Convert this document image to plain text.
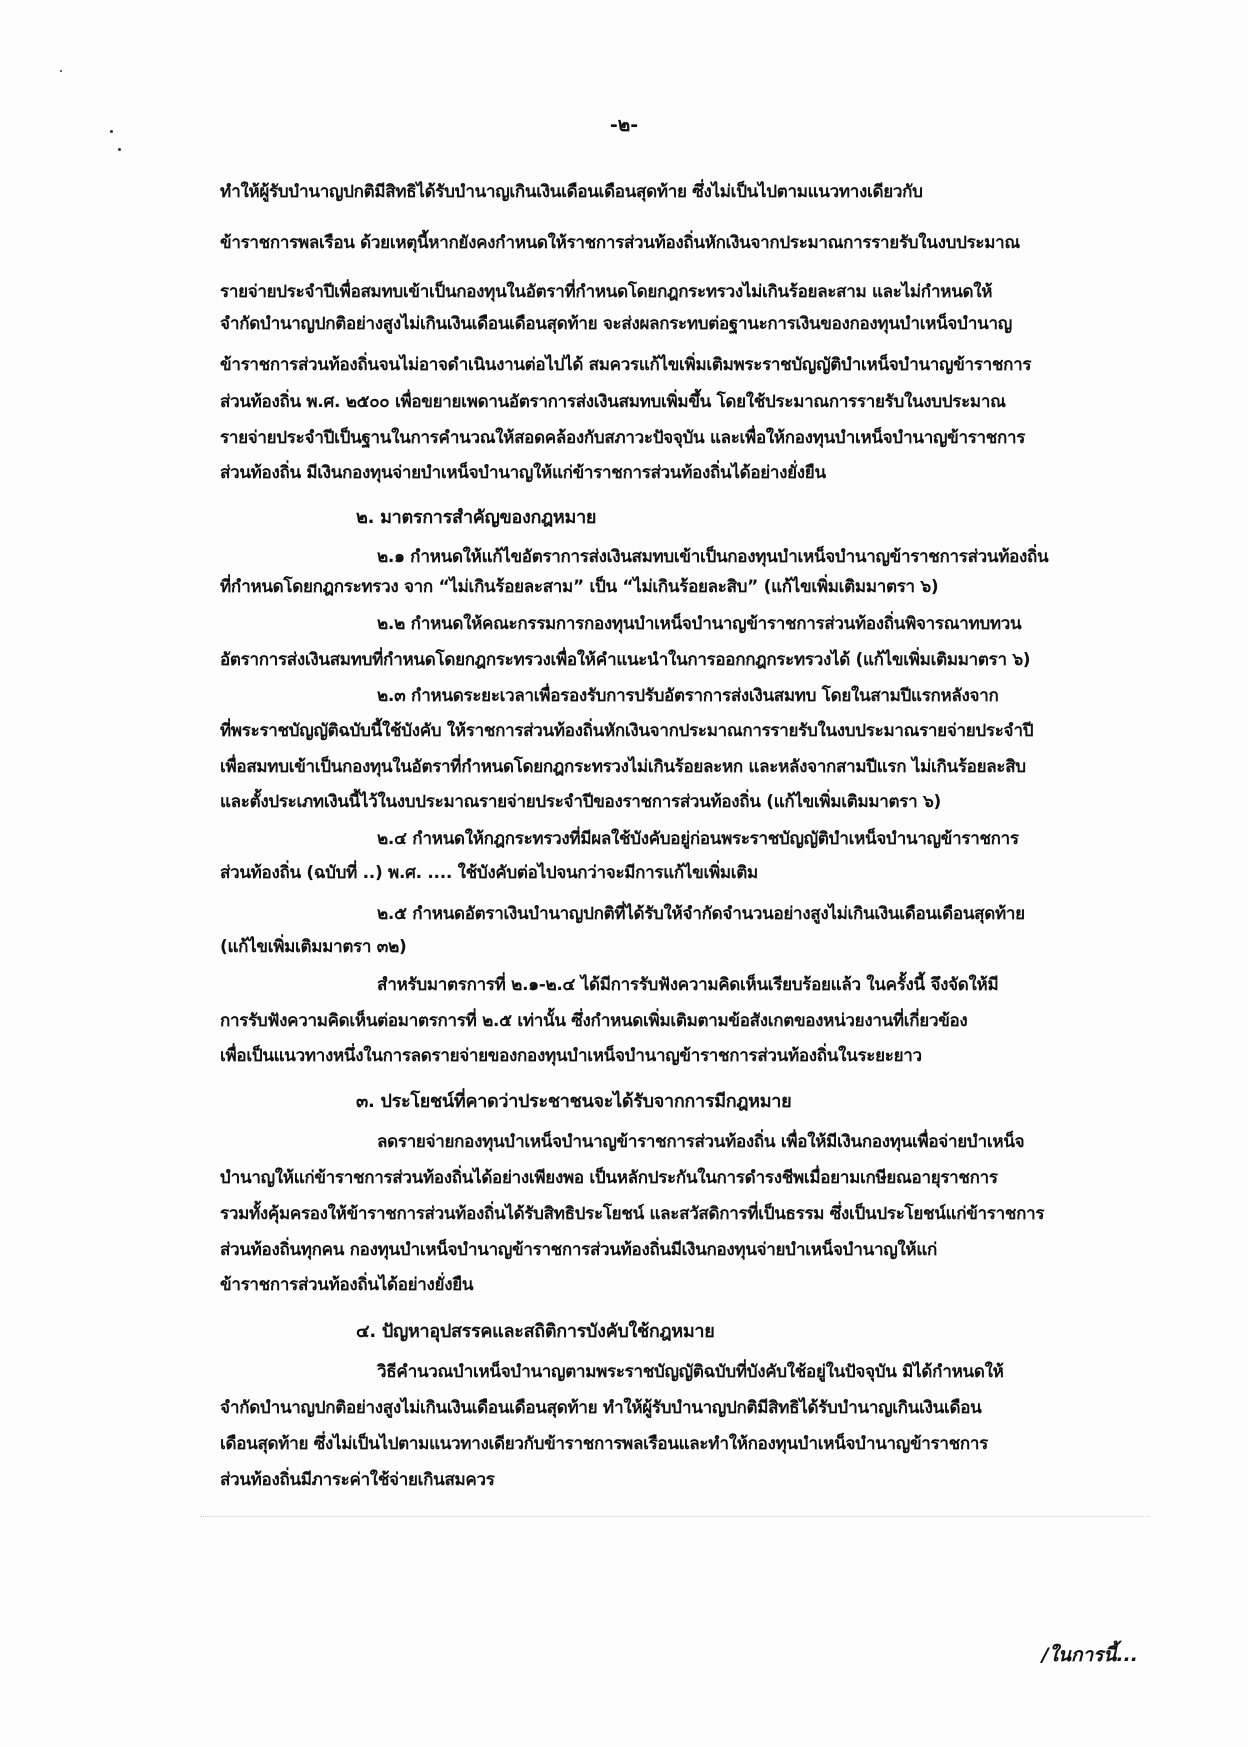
-๒-
ทำให้ผู้รับบำนาญปกติมีสิทธิได้รับบำนาญเกินเงินเดือนเดือนสุดท้าย ซึ่งไม่เป็นไปตามแนวทางเดียวกับ
ข้าราชการพลเรือน ด้วยเหตุนี้หากยังคงกำหนดให้ราชการส่วนท้องถิ่นหักเงินจากประมาณการรายรับในงบประมาณ
รายจ่ายประจำปีเพื่อสมทบเข้าเป็นกองทุนในอัตราที่กำหนดโดยกฎกระทรวงไม่เกินร้อยละสาม และไม่กำหนดให้
จำกัดบำนาญปกติอย่างสูงไม่เกินเงินเดือนเดือนสุดท้าย จะส่งผลกระทบต่อฐานะการเงินของกองทุนบำเหน็จบำนาญ
ข้าราชการส่วนท้องถิ่นจนไม่อาจดำเนินงานต่อไปได้ สมควรแก้ไขเพิ่มเติมพระราชบัญญัติบำเหน็จบำนาญข้าราชการ
ส่วนท้องถิ่น พ.ศ. ๒๕๐๐ เพื่อขยายเพดานอัตราการส่งเงินสมทบเพิ่มขึ้น โดยใช้ประมาณการรายรับในงบประมาณ
รายจ่ายประจำปีเป็นฐานในการคำนวณให้สอดคล้องกับสภาวะปัจจุบัน และเพื่อให้กองทุนบำเหน็จบำนาญข้าราชการ
ส่วนท้องถิ่น มีเงินกองทุนจ่ายบำเหน็จบำนาญให้แก่ข้าราชการส่วนท้องถิ่นได้อย่างยั่งยืน
๒. มาตรการสำคัญของกฎหมาย
๒.๑ กำหนดให้แก้ไขอัตราการส่งเงินสมทบเข้าเป็นกองทุนบำเหน็จบำนาญข้าราชการส่วนท้องถิ่น
ที่กำหนดโดยกฎกระทรวง จาก “ไม่เกินร้อยละสาม” เป็น “ไม่เกินร้อยละสิบ” (แก้ไขเพิ่มเติมมาตรา ๖)
๒.๒ กำหนดให้คณะกรรมการกองทุนบำเหน็จบำนาญข้าราชการส่วนท้องถิ่นพิจารณาทบทวน
อัตราการส่งเงินสมทบที่กำหนดโดยกฎกระทรวงเพื่อให้คำแนะนำในการออกกฎกระทรวงได้ (แก้ไขเพิ่มเติมมาตรา ๖)
๒.๓ กำหนดระยะเวลาเพื่อรองรับการปรับอัตราการส่งเงินสมทบ โดยในสามปีแรกหลังจาก
ที่พระราชบัญญัติฉบับนี้ใช้บังคับ ให้ราชการส่วนท้องถิ่นหักเงินจากประมาณการรายรับในงบประมาณรายจ่ายประจำปี
เพื่อสมทบเข้าเป็นกองทุนในอัตราที่กำหนดโดยกฎกระทรวงไม่เกินร้อยละหก และหลังจากสามปีแรก ไม่เกินร้อยละสิบ
และตั้งประเภทเงินนี้ไว้ในงบประมาณรายจ่ายประจำปีของราชการส่วนท้องถิ่น (แก้ไขเพิ่มเติมมาตรา ๖)
๒.๔ กำหนดให้กฎกระทรวงที่มีผลใช้บังคับอยู่ก่อนพระราชบัญญัติบำเหน็จบำนาญข้าราชการ
ส่วนท้องถิ่น (ฉบับที่ ..) พ.ศ. .... ใช้บังคับต่อไปจนกว่าจะมีการแก้ไขเพิ่มเติม
๒.๕ กำหนดอัตราเงินบำนาญปกติที่ได้รับให้จำกัดจำนวนอย่างสูงไม่เกินเงินเดือนเดือนสุดท้าย
(แก้ไขเพิ่มเติมมาตรา ๓๒)
สำหรับมาตรการที่ ๒.๑-๒.๔ ได้มีการรับฟังความคิดเห็นเรียบร้อยแล้ว ในครั้งนี้ จึงจัดให้มี
การรับฟังความคิดเห็นต่อมาตรการที่ ๒.๕ เท่านั้น ซึ่งกำหนดเพิ่มเติมตามข้อสังเกตของหน่วยงานที่เกี่ยวข้อง
เพื่อเป็นแนวทางหนึ่งในการลดรายจ่ายของกองทุนบำเหน็จบำนาญข้าราชการส่วนท้องถิ่นในระยะยาว
๓. ประโยชน์ที่คาดว่าประชาชนจะได้รับจากการมีกฎหมาย
ลดรายจ่ายกองทุนบำเหน็จบำนาญข้าราชการส่วนท้องถิ่น เพื่อให้มีเงินกองทุนเพื่อจ่ายบำเหน็จ
บำนาญให้แก่ข้าราชการส่วนท้องถิ่นได้อย่างเพียงพอ เป็นหลักประกันในการดำรงชีพเมื่อยามเกษียณอายุราชการ
รวมทั้งคุ้มครองให้ข้าราชการส่วนท้องถิ่นได้รับสิทธิประโยชน์ และสวัสดิการที่เป็นธรรม ซึ่งเป็นประโยชน์แก่ข้าราชการ
ส่วนท้องถิ่นทุกคน กองทุนบำเหน็จบำนาญข้าราชการส่วนท้องถิ่นมีเงินกองทุนจ่ายบำเหน็จบำนาญให้แก่
ข้าราชการส่วนท้องถิ่นได้อย่างยั่งยืน
๔. ปัญหาอุปสรรคและสถิติการบังคับใช้กฎหมาย
วิธีคำนวณบำเหน็จบำนาญตามพระราชบัญญัติฉบับที่บังคับใช้อยู่ในปัจจุบัน มิได้กำหนดให้
จำกัดบำนาญปกติอย่างสูงไม่เกินเงินเดือนเดือนสุดท้าย ทำให้ผู้รับบำนาญปกติมีสิทธิได้รับบำนาญเกินเงินเดือน
เดือนสุดท้าย ซึ่งไม่เป็นไปตามแนวทางเดียวกับข้าราชการพลเรือนและทำให้กองทุนบำเหน็จบำนาญข้าราชการ
ส่วนท้องถิ่นมีภาระค่าใช้จ่ายเกินสมควร
/ในการนี้...
